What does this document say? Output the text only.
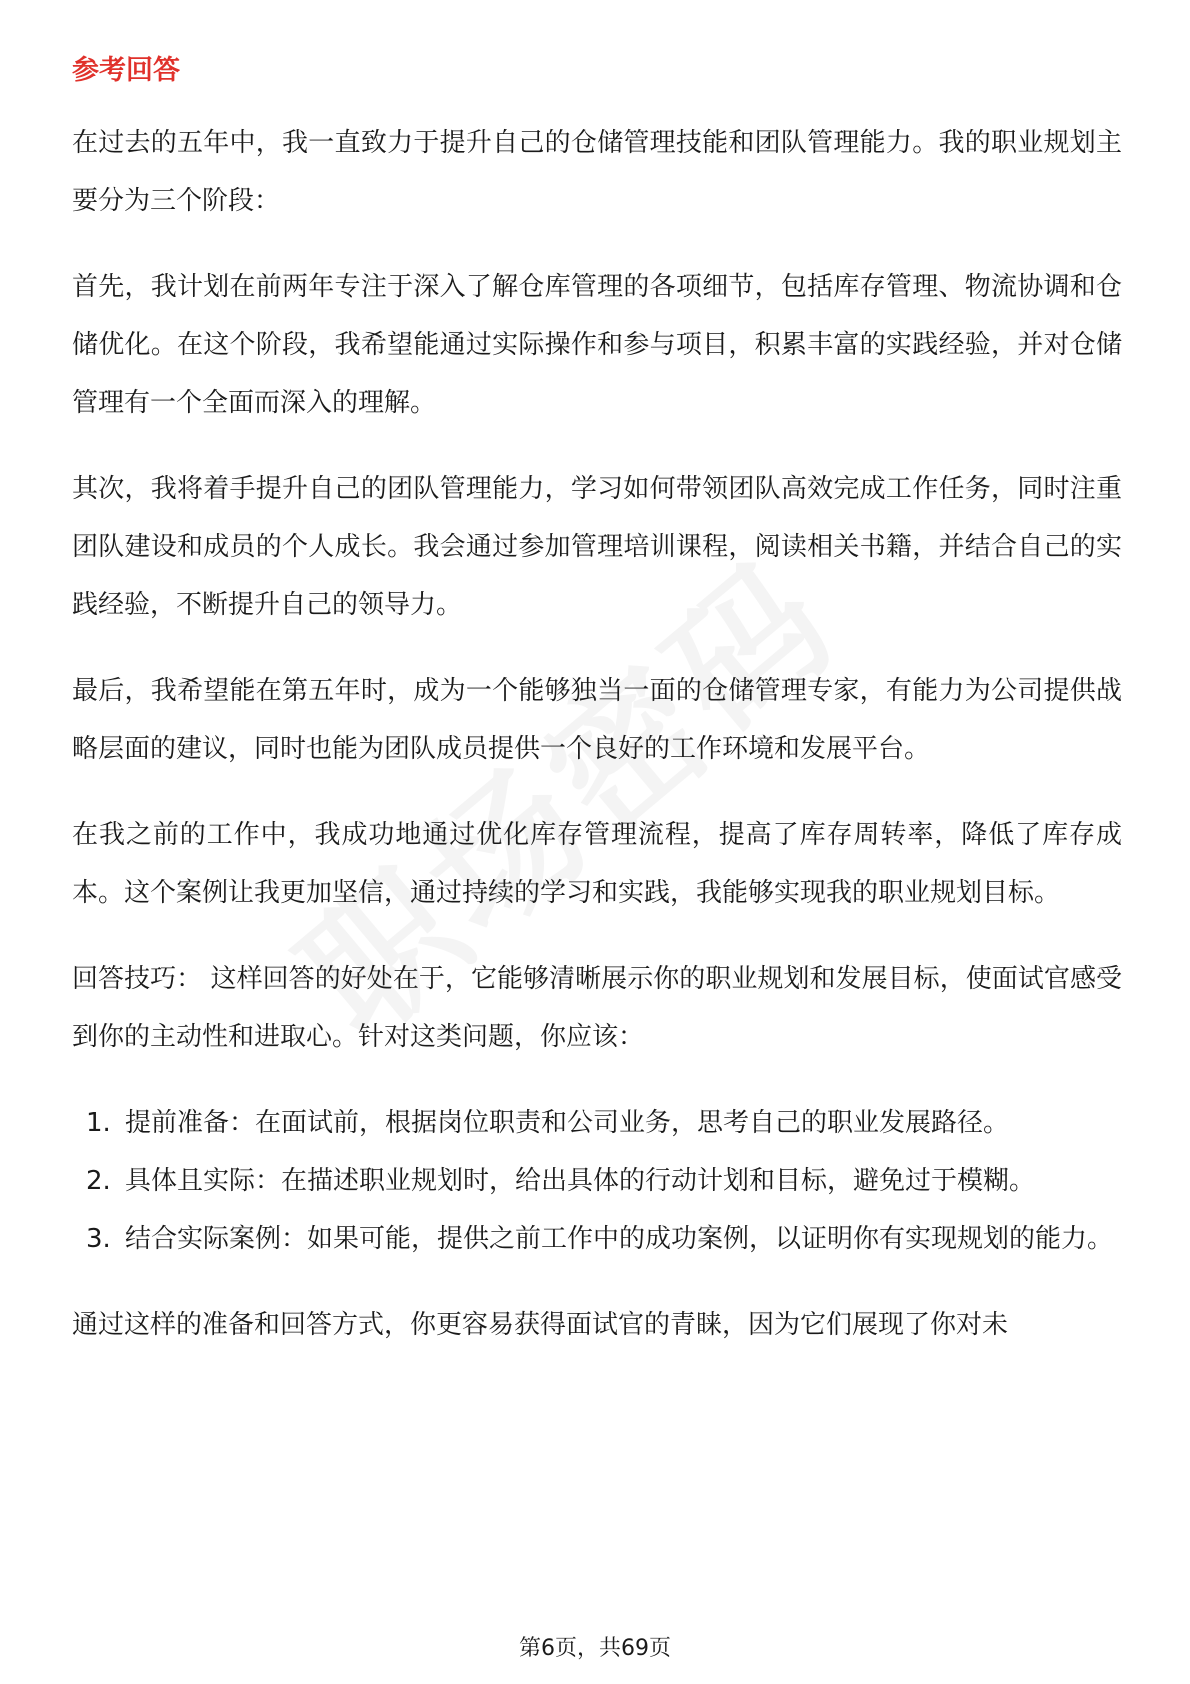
参考回答

在过去的五年中，我一直致力于提升自己的仓储管理技能和团队管理能力。我的职业规划主要分为三个阶段：

首先，我计划在前两年专注于深入了解仓库管理的各项细节，包括库存管理、物流协调和仓储优化。在这个阶段，我希望能通过实际操作和参与项目，积累丰富的实践经验，并对仓储管理有一个全面而深入的理解。

其次，我将着手提升自己的团队管理能力，学习如何带领团队高效完成工作任务，同时注重团队建设和成员的个人成长。我会通过参加管理培训课程，阅读相关书籍，并结合自己的实践经验，不断提升自己的领导力。

最后，我希望能在第五年时，成为一个能够独当一面的仓储管理专家，有能力为公司提供战略层面的建议，同时也能为团队成员提供一个良好的工作环境和发展平台。

在我之前的工作中，我成功地通过优化库存管理流程，提高了库存周转率，降低了库存成本。这个案例让我更加坚信，通过持续的学习和实践，我能够实现我的职业规划目标。

回答技巧： 这样回答的好处在于，它能够清晰展示你的职业规划和发展目标，使面试官感受到你的主动性和进取心。针对这类问题，你应该：

1. 提前准备：在面试前，根据岗位职责和公司业务，思考自己的职业发展路径。
2. 具体且实际：在描述职业规划时，给出具体的行动计划和目标，避免过于模糊。
3. 结合实际案例：如果可能，提供之前工作中的成功案例，以证明你有实现规划的能力。

通过这样的准备和回答方式，你更容易获得面试官的青睐，因为它们展现了你对未

第6页，共69页
